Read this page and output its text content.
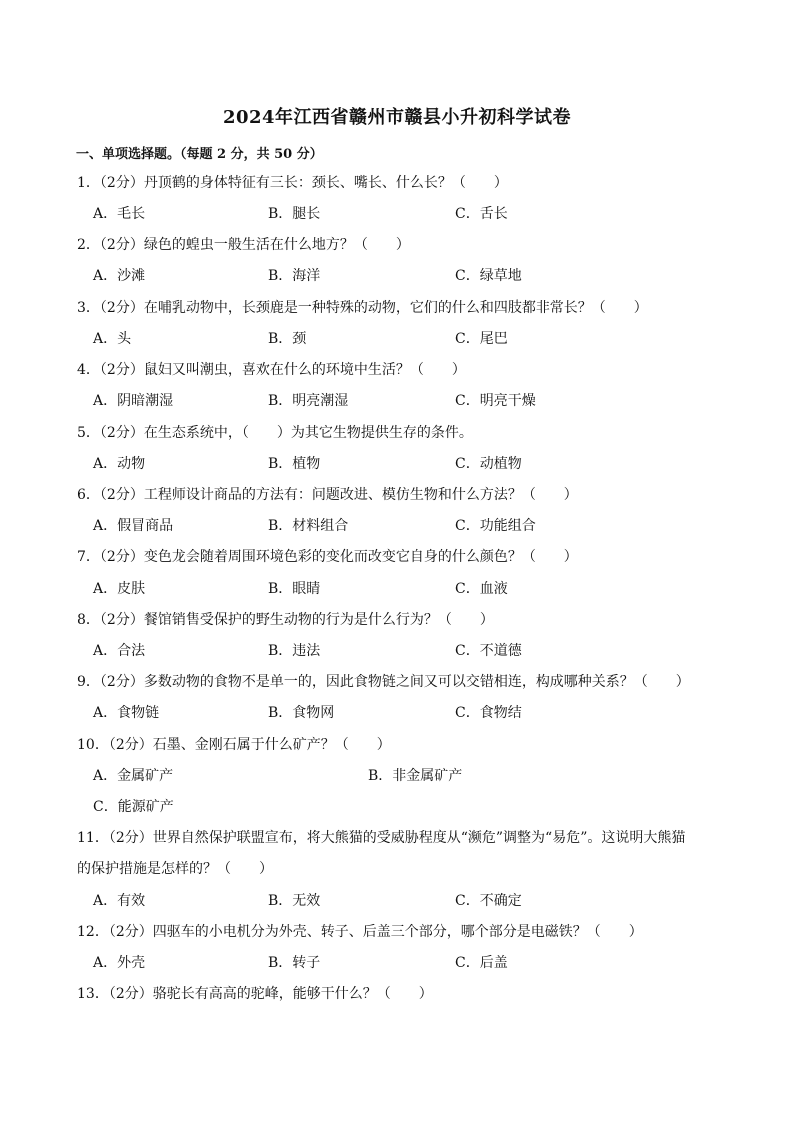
2024年江西省赣州市赣县小升初科学试卷
一、单项选择题。（每题 2 分，共 50 分）
1．（2分）丹顶鹤的身体特征有三长：颈长、嘴长、什么长？（　　）
A．毛长	B．腿长	C．舌长
2．（2分）绿色的蝗虫一般生活在什么地方？（　　）
A．沙滩	B．海洋	C．绿草地
3．（2分）在哺乳动物中，长颈鹿是一种特殊的动物，它们的什么和四肢都非常长？（　　）
A．头	B．颈	C．尾巴
4．（2分）鼠妇又叫潮虫，喜欢在什么的环境中生活？（　　）
A．阴暗潮湿	B．明亮潮湿	C．明亮干燥
5．（2分）在生态系统中，（　　）为其它生物提供生存的条件。
A．动物	B．植物	C．动植物
6．（2分）工程师设计商品的方法有：问题改进、模仿生物和什么方法？（　　）
A．假冒商品	B．材料组合	C．功能组合
7．（2分）变色龙会随着周围环境色彩的变化而改变它自身的什么颜色？（　　）
A．皮肤	B．眼睛	C．血液
8．（2分）餐馆销售受保护的野生动物的行为是什么行为？（　　）
A．合法	B．违法	C．不道德
9．（2分）多数动物的食物不是单一的，因此食物链之间又可以交错相连，构成哪种关系？（　　）
A．食物链	B．食物网	C．食物结
10．（2分）石墨、金刚石属于什么矿产？（　　）
A．金属矿产	B．非金属矿产
C．能源矿产
11．（2分）世界自然保护联盟宣布，将大熊猫的受威胁程度从“濒危”调整为“易危”。这说明大熊猫
的保护措施是怎样的？（　　）
A．有效	B．无效	C．不确定
12．（2分）四驱车的小电机分为外壳、转子、后盖三个部分，哪个部分是电磁铁？（　　）
A．外壳	B．转子	C．后盖
13．（2分）骆驼长有高高的驼峰，能够干什么？（　　）
